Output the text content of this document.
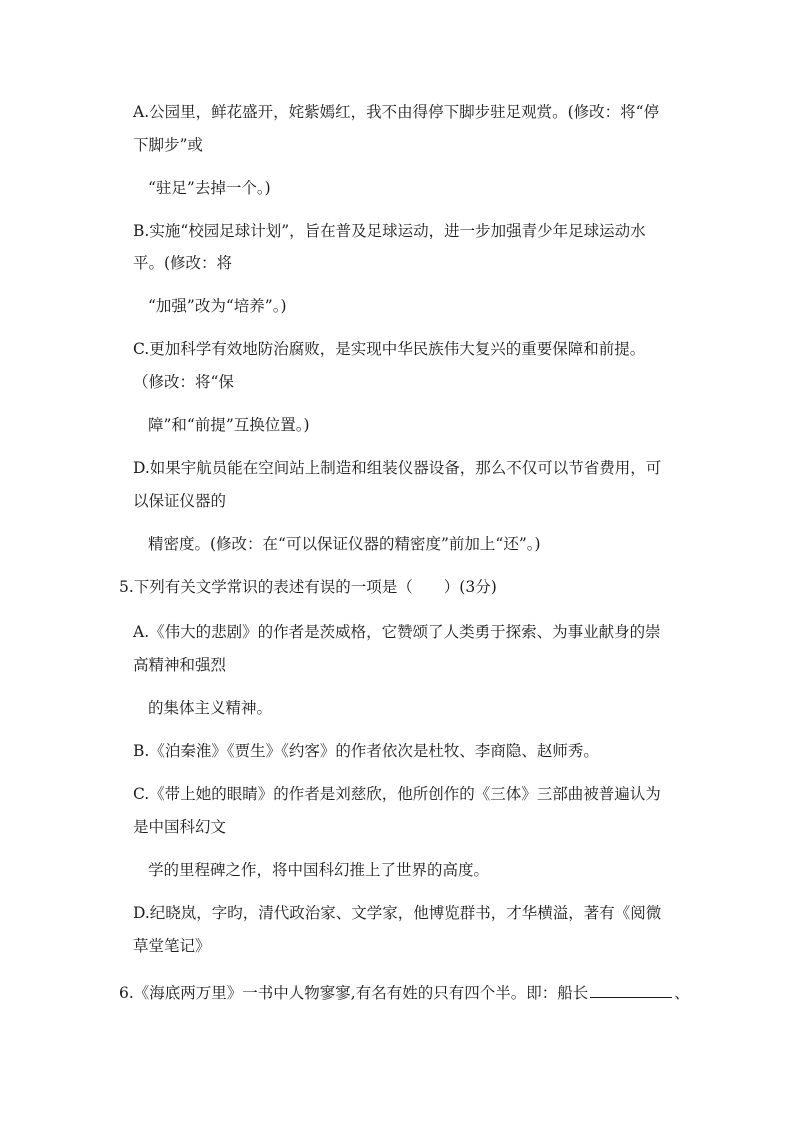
A.公园里，鲜花盛开，姹紫嫣红，我不由得停下脚步驻足观赏。(修改：将“停
下脚步”或
“驻足”去掉一个。)
B.实施“校园足球计划”，旨在普及足球运动，进一步加强青少年足球运动水
平。(修改：将
“加强”改为“培养”。)
C.更加科学有效地防治腐败，是实现中华民族伟大复兴的重要保障和前提。
（修改：将“保
障”和“前提”互换位置。)
D.如果宇航员能在空间站上制造和组装仪器设备，那么不仅可以节省费用，可
以保证仪器的
精密度。(修改：在“可以保证仪器的精密度”前加上“还”。)
5.下列有关文学常识的表述有误的一项是（　　）(3分)
A.《伟大的悲剧》的作者是茨威格，它赞颂了人类勇于探索、为事业献身的崇
高精神和强烈
的集体主义精神。
B.《泊秦淮》《贾生》《约客》的作者依次是杜牧、李商隐、赵师秀。
C.《带上她的眼睛》的作者是刘慈欣，他所创作的《三体》三部曲被普遍认为
是中国科幻文
学的里程碑之作，将中国科幻推上了世界的高度。
D.纪晓岚，字昀，清代政治家、文学家，他博览群书，才华横溢，著有《阅微
草堂笔记》
6.《海底两万里》一书中人物寥寥,有名有姓的只有四个半。即：船长	、
